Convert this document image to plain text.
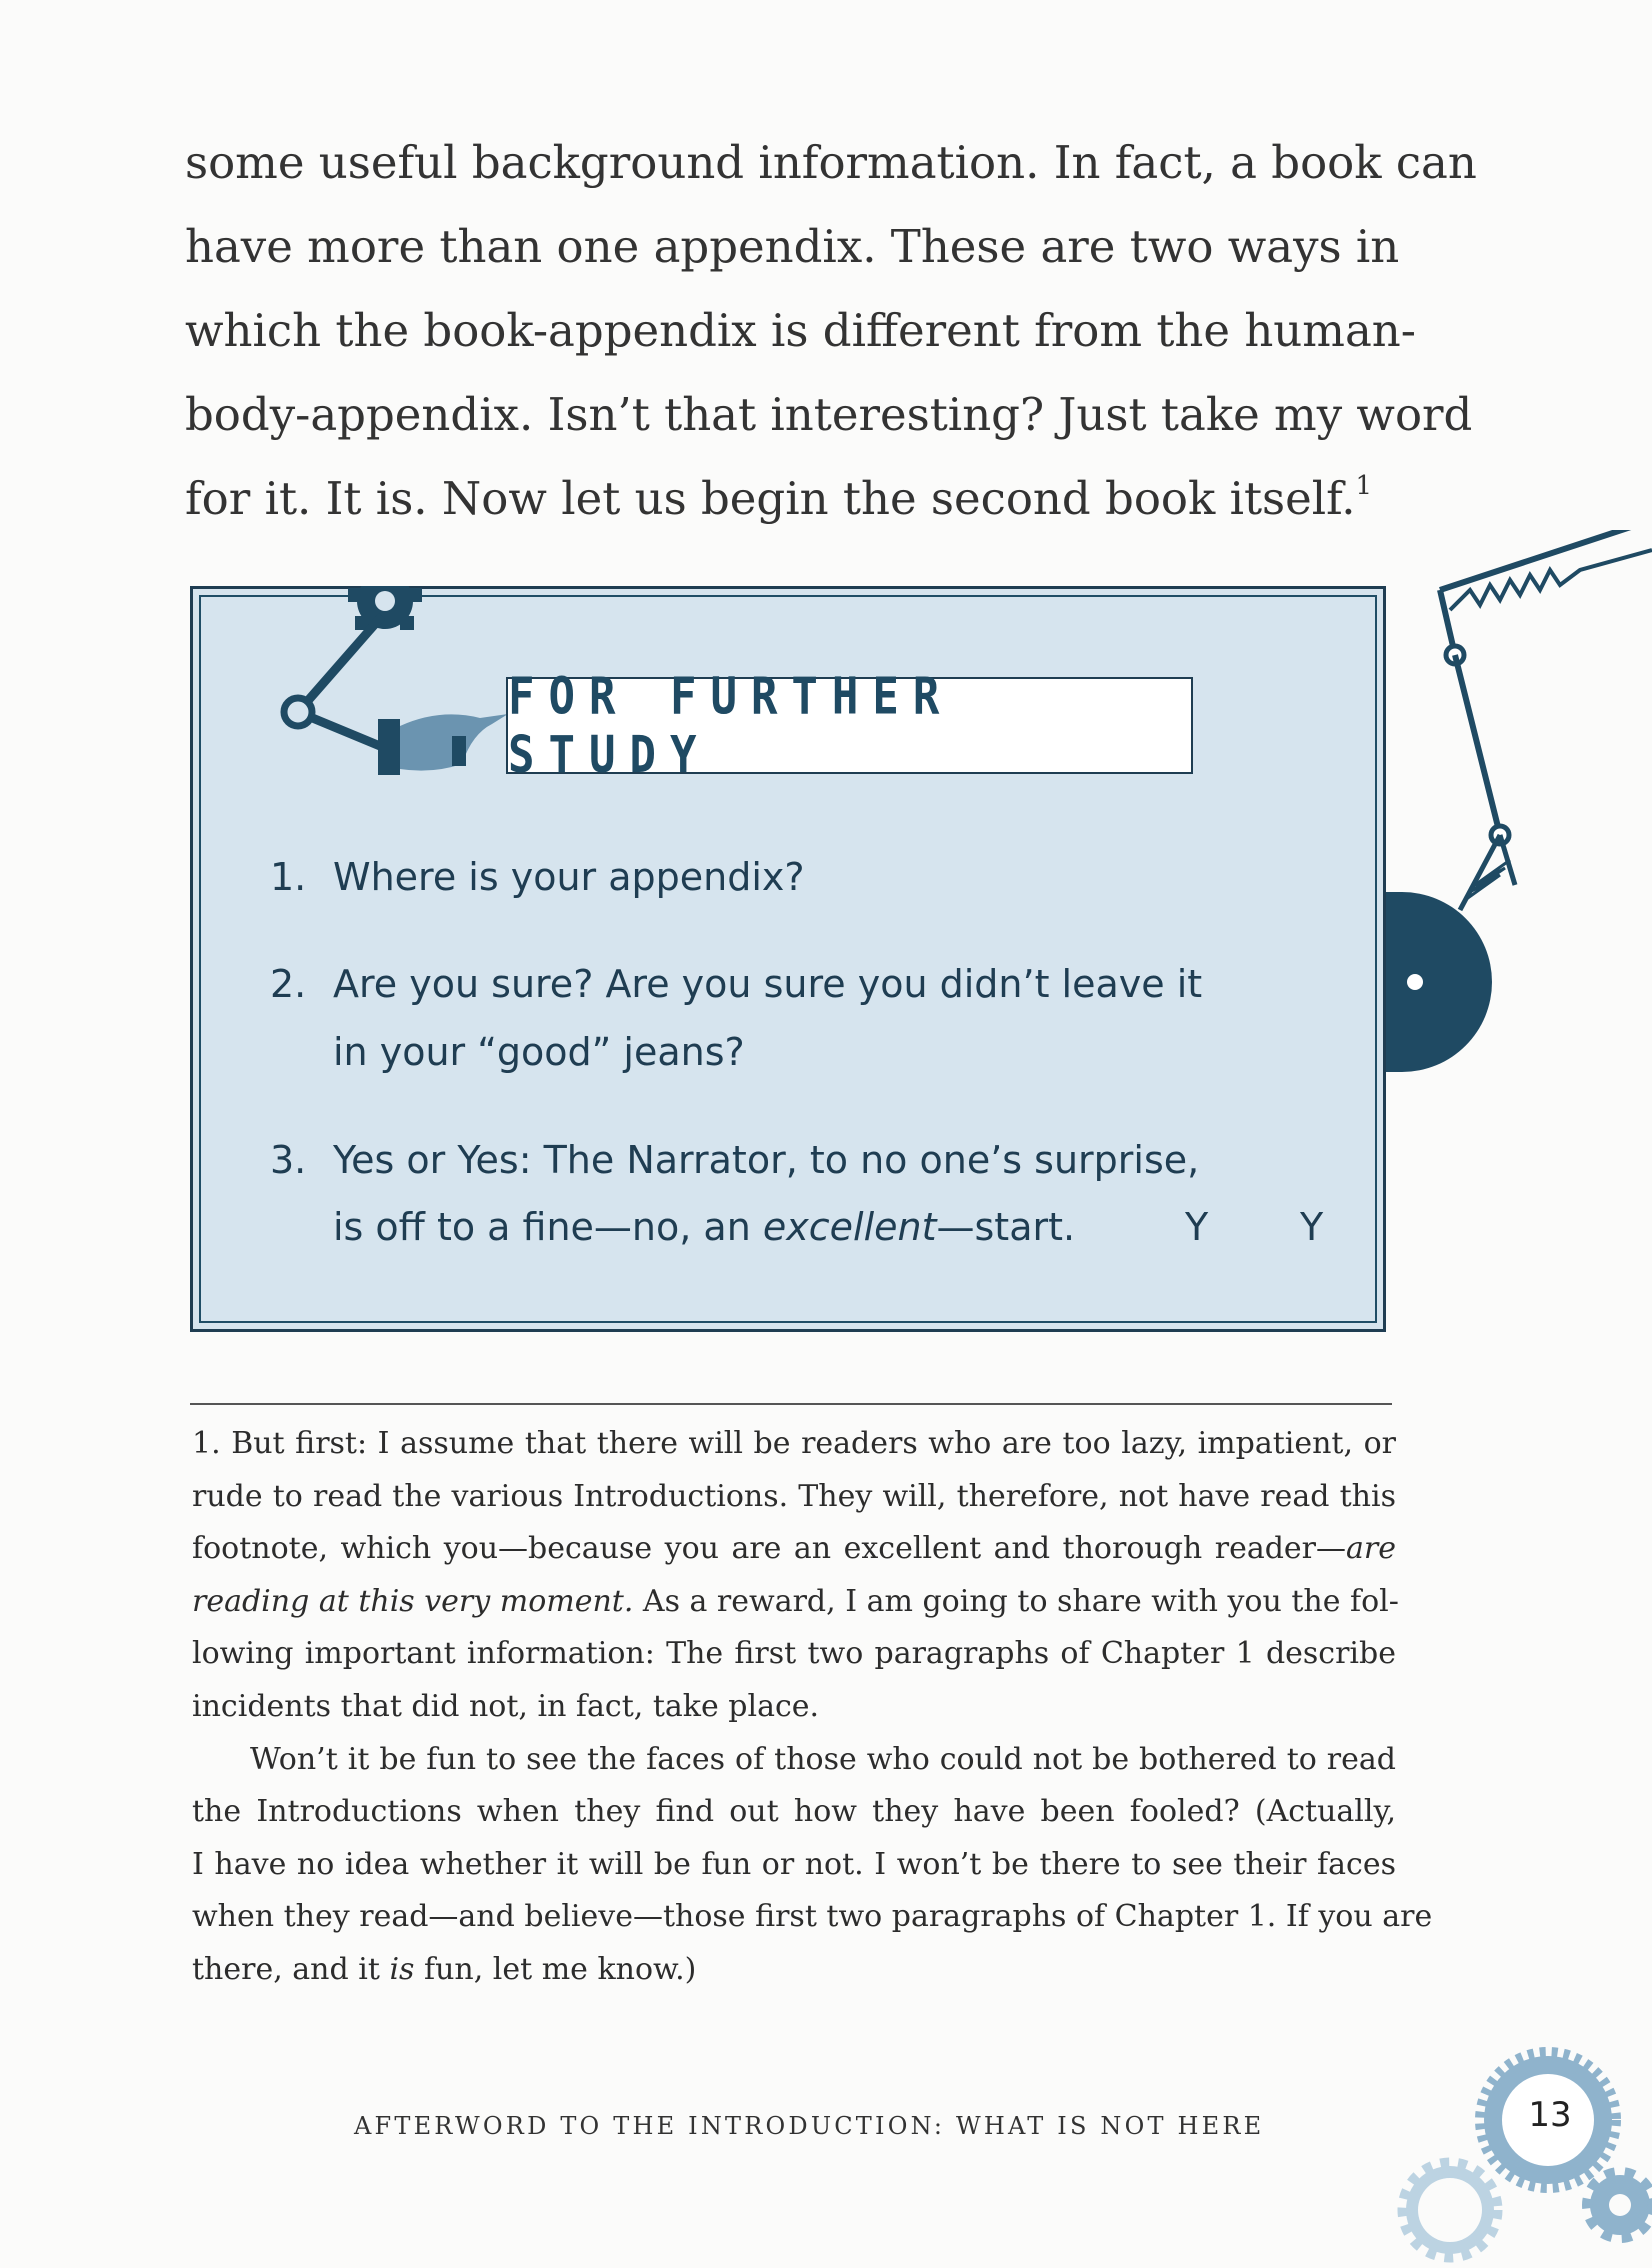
some useful background information. In fact, a book can
have more than one appendix. These are two ways in
which the book-appendix is different from the human-
body-appendix. Isn’t that interesting? Just take my word
for it. It is. Now let us begin the second book itself.$^1$
FOR FURTHER STUDY
1. Where is your appendix?
2. Are you sure? Are you sure you didn’t leave it
in your “good” jeans?
3. Yes or Yes: The Narrator, to no one’s surprise,
is off to a fine—no, an excellent—start.	Y Y
1. But first: I assume that there will be readers who are too lazy, impatient, or
rude to read the various Introductions. They will, therefore, not have read this
footnote, which you—because you are an excellent and thorough reader—are
reading at this very moment. As a reward, I am going to share with you the fol-
lowing important information: The first two paragraphs of Chapter 1 describe
incidents that did not, in fact, take place.
Won’t it be fun to see the faces of those who could not be bothered to read
the Introductions when they find out how they have been fooled? (Actually,
I have no idea whether it will be fun or not. I won’t be there to see their faces
when they read—and believe—those first two paragraphs of Chapter 1. If you are
there, and it is fun, let me know.)
AFTERWORD TO THE INTRODUCTION: WHAT IS NOT HERE	13
